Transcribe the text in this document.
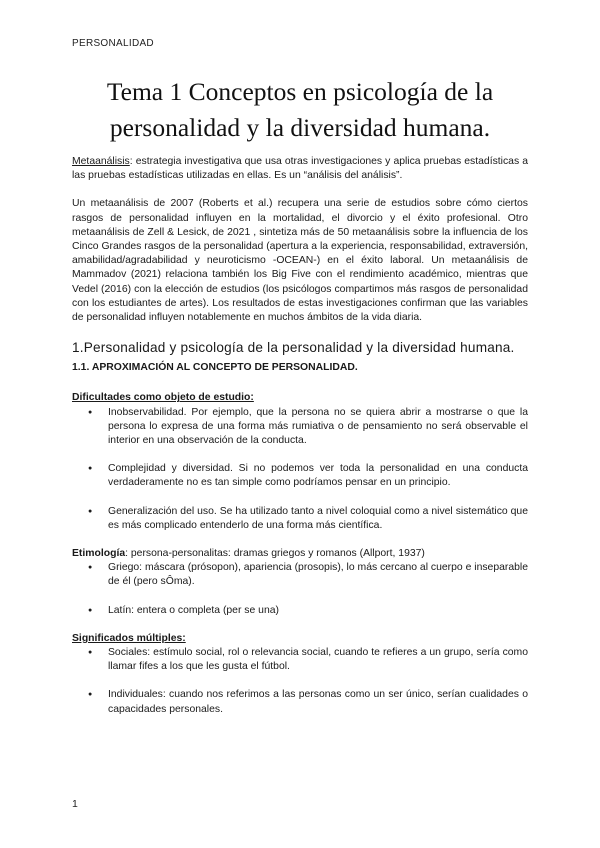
PERSONALIDAD
Tema 1 Conceptos en psicología de la personalidad y la diversidad humana.

Metaanálisis: estrategia investigativa que usa otras investigaciones y aplica pruebas estadísticas a las pruebas estadísticas utilizadas en ellas. Es un “análisis del análisis”.

Un metaanálisis de 2007 (Roberts et al.) recupera una serie de estudios sobre cómo ciertos rasgos de personalidad influyen en la mortalidad, el divorcio y el éxito profesional. Otro metaanálisis de Zell & Lesick, de 2021 , sintetiza más de 50 metaanálisis sobre la influencia de los Cinco Grandes rasgos de la personalidad (apertura a la experiencia, responsabilidad, extraversión, amabilidad/agradabilidad y neuroticismo -OCEAN-) en el éxito laboral. Un metaanálisis de Mammadov (2021) relaciona también los Big Five con el rendimiento académico, mientras que Vedel (2016) con la elección de estudios (los psicólogos compartimos más rasgos de personalidad con los estudiantes de artes). Los resultados de estas investigaciones confirman que las variables de personalidad influyen notablemente en muchos ámbitos de la vida diaria.

1.Personalidad y psicología de la personalidad y la diversidad humana.
1.1. APROXIMACIÓN AL CONCEPTO DE PERSONALIDAD.
Dificultades como objeto de estudio:
● Inobservabilidad. Por ejemplo, que la persona no se quiera abrir a mostrarse o que la persona lo expresa de una forma más rumiativa o de pensamiento no será observable el interior en una observación de la conducta.
● Complejidad y diversidad. Si no podemos ver toda la personalidad en una conducta verdaderamente no es tan simple como podríamos pensar en un principio.
● Generalización del uso. Se ha utilizado tanto a nivel coloquial como a nivel sistemático que es más complicado entenderlo de una forma más científica.

Etimología: persona-personalitas: dramas griegos y romanos (Allport, 1937)

● Griego: máscara (prósopon), apariencia (prosopis), lo más cercano al cuerpo e inseparable de él (pero sÔma).
● Latín: entera o completa (per se una)
Significados múltiples:
● Sociales: estímulo social, rol o relevancia social, cuando te refieres a un grupo, sería como llamar fifes a los que les gusta el fútbol.
● Individuales: cuando nos referimos a las personas como un ser único, serían cualidades o capacidades personales.
1
